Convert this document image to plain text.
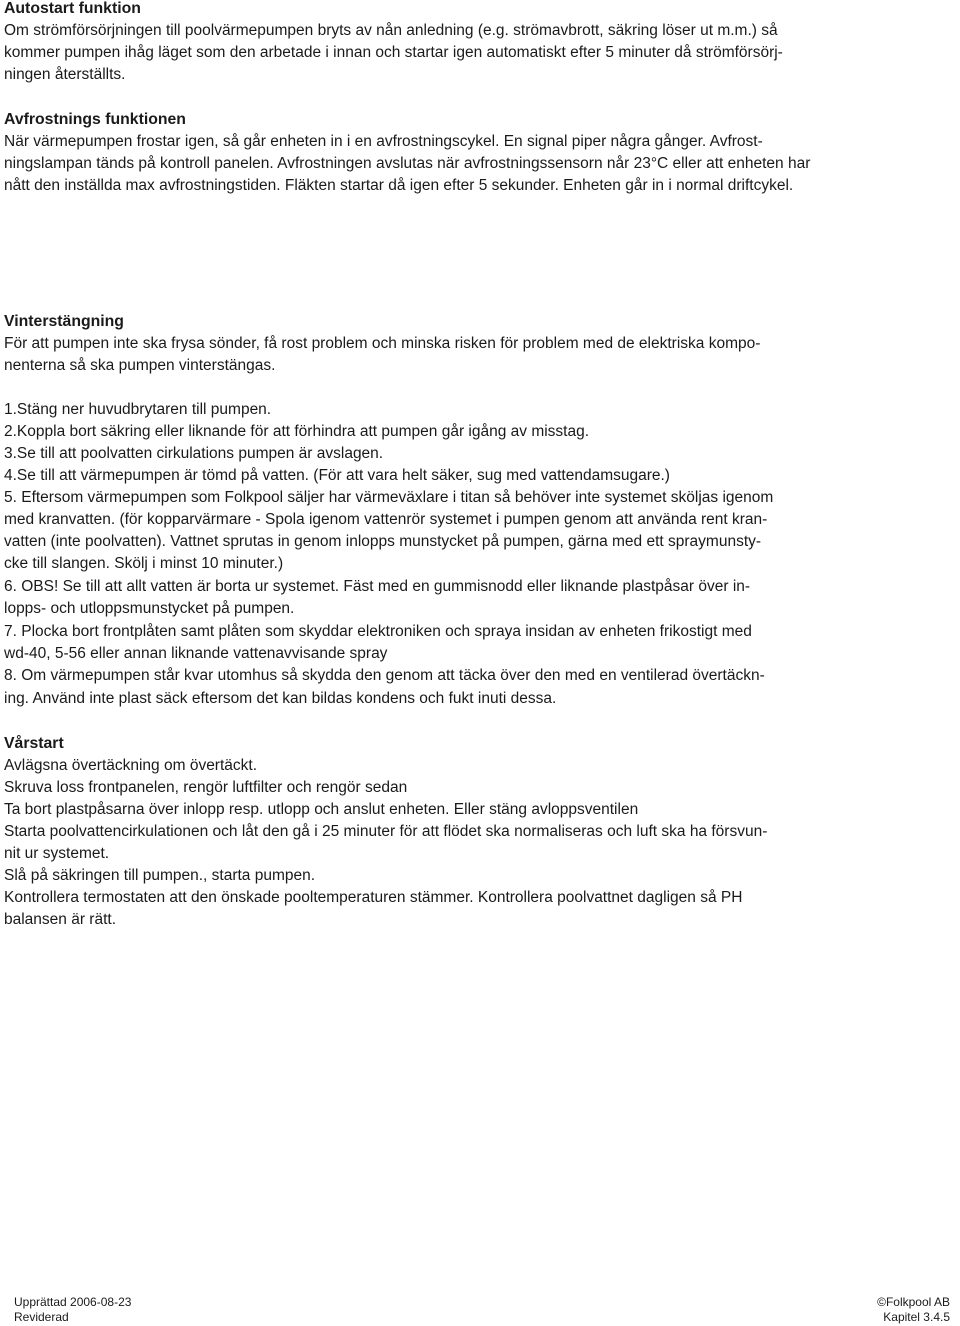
Autostart funktion
Om strömförsörjningen till poolvärmepumpen bryts av nån anledning (e.g. strömavbrott, säkring löser ut m.m.) så
kommer pumpen ihåg läget som den arbetade i innan och startar igen automatiskt efter 5 minuter då strömförsörj-
ningen återställts.
Avfrostnings funktionen
När värmepumpen frostar igen, så går enheten in i en avfrostningscykel. En signal piper några gånger. Avfrost-
ningslampan tänds på kontroll panelen. Avfrostningen avslutas när avfrostningssensorn når 23°C eller att enheten har
nått den inställda max avfrostningstiden. Fläkten startar då igen efter 5 sekunder. Enheten går in i normal driftcykel.
Vinterstängning
För att pumpen inte ska frysa sönder, få rost problem och minska risken för problem med de elektriska kompo-
nenterna så ska pumpen vinterstängas.
1.Stäng ner huvudbrytaren till pumpen.
2.Koppla bort säkring eller liknande för att förhindra att pumpen går igång av misstag.
3.Se till att poolvatten cirkulations pumpen är avslagen.
4.Se till att värmepumpen är tömd på vatten. (För att vara helt säker, sug med vattendamsugare.)
5. Eftersom värmepumpen som Folkpool säljer har värmeväxlare i titan så behöver inte systemet sköljas igenom
med kranvatten. (för kopparvärmare - Spola igenom vattenrör systemet i pumpen genom att använda rent kran-
vatten (inte poolvatten). Vattnet sprutas in genom inlopps munstycket på pumpen, gärna med ett spraymunsty-
cke till slangen. Skölj i minst 10 minuter.)
6. OBS! Se till att allt vatten är borta ur systemet. Fäst med en gummisnodd eller liknande plastpåsar över in-
lopps- och utloppsmunstycket på pumpen.
7. Plocka bort frontplåten samt plåten som skyddar elektroniken och spraya insidan av enheten frikostigt med
wd-40, 5-56 eller annan liknande vattenavvisande spray
8. Om värmepumpen står kvar utomhus så skydda den genom att täcka över den med en ventilerad övertäckn-
ing. Använd inte plast säck eftersom det kan bildas kondens och fukt inuti dessa.
Vårstart
Avlägsna övertäckning om övertäckt.
Skruva loss frontpanelen, rengör luftfilter och rengör sedan
Ta bort plastpåsarna över inlopp resp. utlopp och anslut enheten. Eller stäng avloppsventilen
Starta poolvattencirkulationen och låt den gå i 25 minuter för att flödet ska normaliseras och luft ska ha försvun-
nit ur systemet.
Slå på säkringen till pumpen., starta pumpen.
Kontrollera termostaten att den önskade pooltemperaturen stämmer. Kontrollera poolvattnet dagligen så PH
balansen är rätt.
Upprättad 2006-08-23
Reviderad
©Folkpool AB
Kapitel 3.4.5
